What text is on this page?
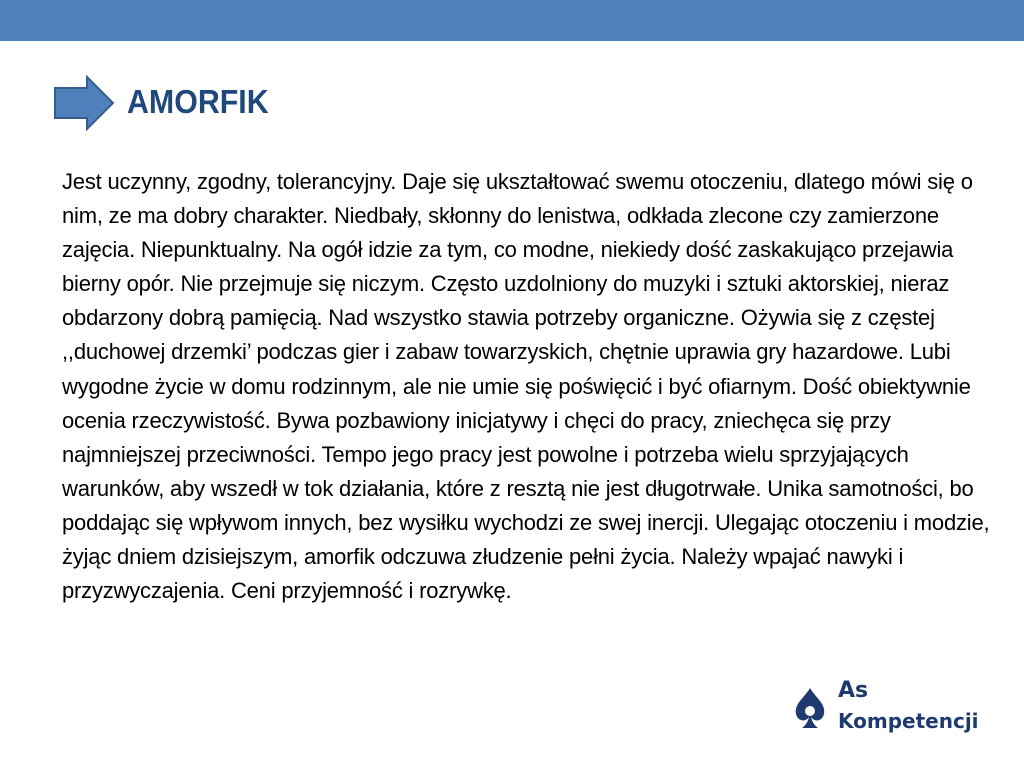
AMORFIK

Jest uczynny, zgodny, tolerancyjny. Daje się ukształtować swemu otoczeniu, dlatego mówi się o nim, ze ma dobry charakter. Niedbały, skłonny do lenistwa, odkłada zlecone czy zamierzone zajęcia. Niepunktualny. Na ogół idzie za tym, co modne, niekiedy dość zaskakująco przejawia bierny opór. Nie przejmuje się niczym. Często uzdolniony do muzyki i sztuki aktorskiej, nieraz obdarzony dobrą pamięcią. Nad wszystko stawia potrzeby organiczne. Ożywia się z częstej ,,duchowej drzemki’ podczas gier i zabaw towarzyskich, chętnie uprawia gry hazardowe. Lubi wygodne życie w domu rodzinnym, ale nie umie się poświęcić i być ofiarnym. Dość obiektywnie ocenia rzeczywistość. Bywa pozbawiony inicjatywy i chęci do pracy, zniechęca się przy najmniejszej przeciwności. Tempo jego pracy jest powolne i potrzeba wielu sprzyjających warunków, aby wszedł w tok działania, które z resztą nie jest długotrwałe. Unika samotności, bo poddając się wpływom innych, bez wysiłku wychodzi ze swej inercji. Ulegając otoczeniu i modzie, żyjąc dniem dzisiejszym, amorfik odczuwa złudzenie pełni życia. Należy wpajać nawyki i przyzwyczajenia. Ceni przyjemność i rozrywkę.

As
Kompetencji
